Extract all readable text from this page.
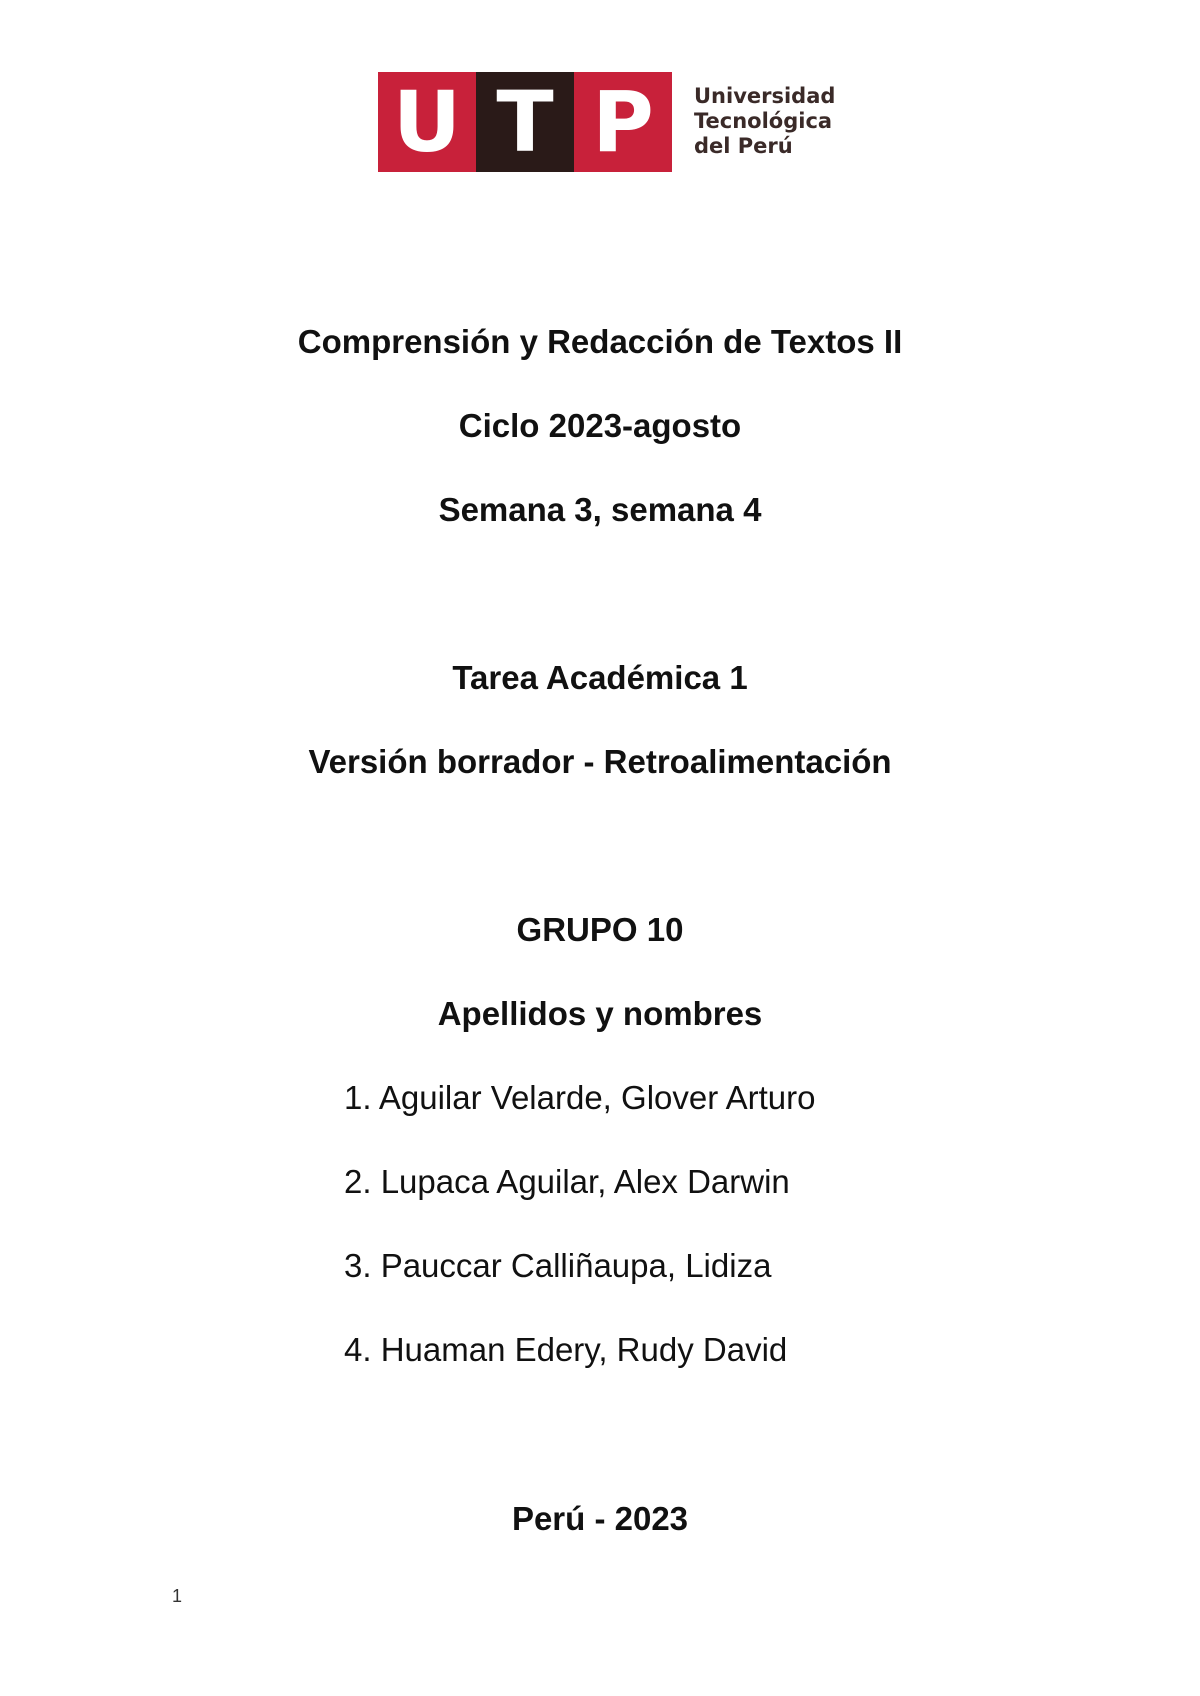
U T P	Universidad
Tecnológica
del Perú
Comprensión y Redacción de Textos II
Ciclo 2023-agosto
Semana 3, semana 4
Tarea Académica 1
Versión borrador - Retroalimentación
GRUPO 10
Apellidos y nombres
1. Aguilar Velarde, Glover Arturo
2. Lupaca Aguilar, Alex Darwin
3. Pauccar Calliñaupa, Lidiza
4. Huaman Edery, Rudy David
Perú - 2023
1
